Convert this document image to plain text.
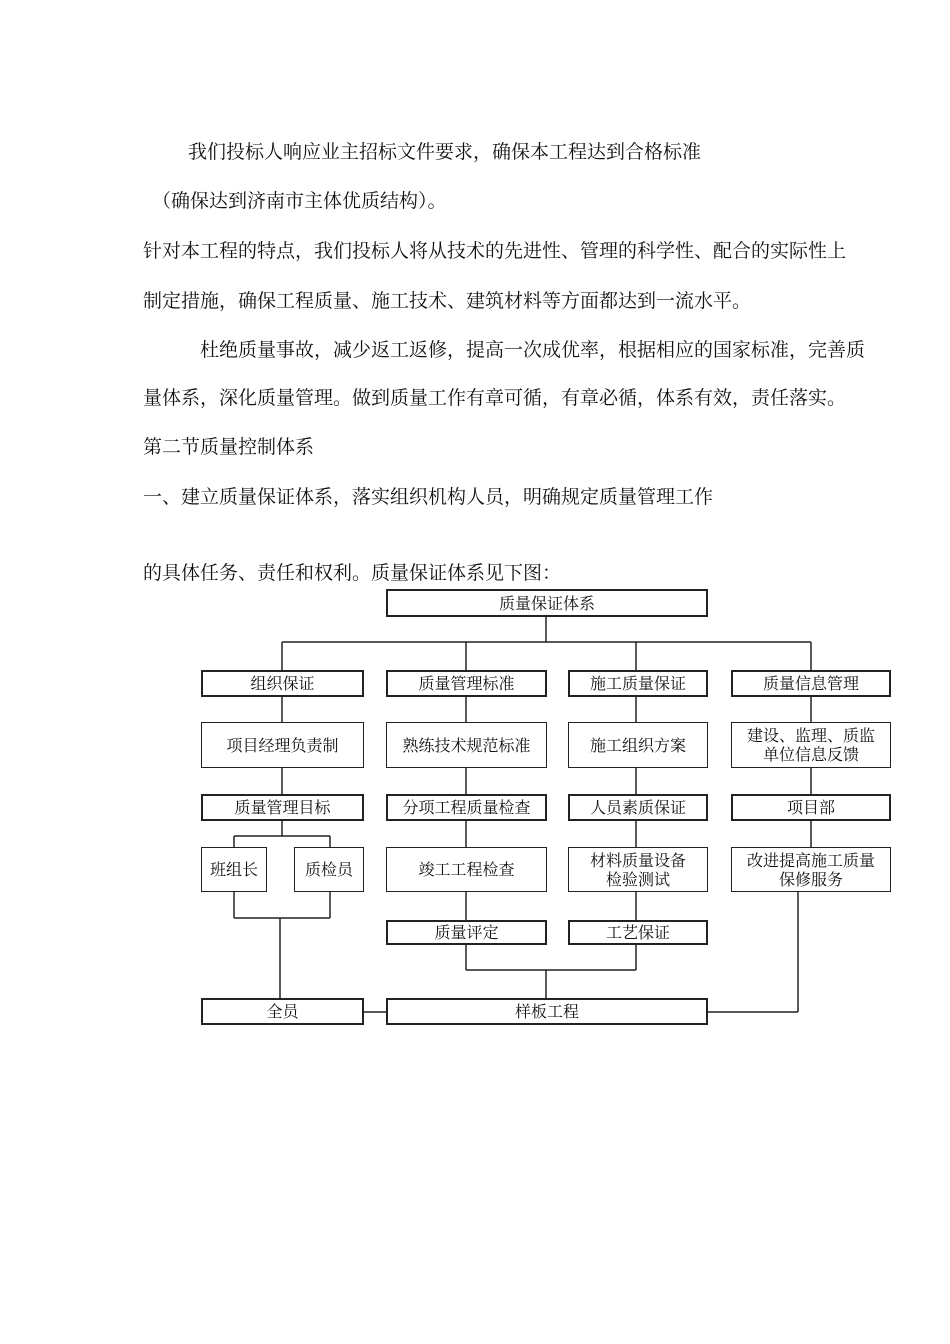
我们投标人响应业主招标文件要求，确保本工程达到合格标准
（确保达到济南市主体优质结构）。
针对本工程的特点，我们投标人将从技术的先进性、管理的科学性、配合的实际性上
制定措施，确保工程质量、施工技术、建筑材料等方面都达到一流水平。
杜绝质量事故，减少返工返修，提高一次成优率，根据相应的国家标准，完善质
量体系，深化质量管理。做到质量工作有章可循，有章必循，体系有效，责任落实。
第二节质量控制体系
一、建立质量保证体系，落实组织机构人员，明确规定质量管理工作
的具体任务、责任和权利。质量保证体系见下图：
质量保证体系
组织保证
项目经理负责制
质量管理目标
班组长	质检员
全员
质量管理标准
熟练技术规范标准
分项工程质量检查
竣工工程检查
质量评定
施工质量保证
施工组织方案
人员素质保证
材料质量设备
检验测试
工艺保证
质量信息管理
建设、监理、质监
单位信息反馈
项目部
改进提高施工质量
保修服务
样板工程
